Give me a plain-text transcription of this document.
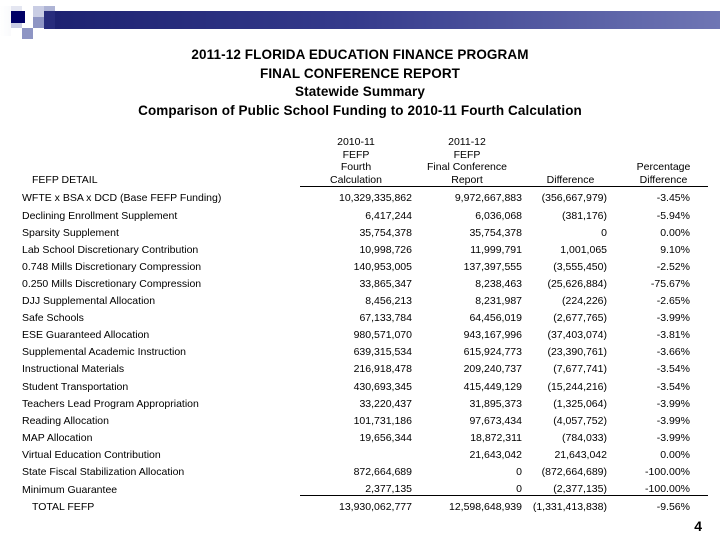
2011-12 FLORIDA EDUCATION FINANCE PROGRAM
FINAL CONFERENCE REPORT
Statewide Summary
Comparison of Public School Funding to 2010-11 Fourth Calculation
	2010-11	2011-12		
	FEFP	FEFP		
	Fourth	Final Conference		Percentage
FEFP DETAIL	Calculation	Report	Difference	Difference
WFTE x BSA x DCD (Base FEFP Funding)	10,329,335,862	9,972,667,883	(356,667,979)	-3.45%
Declining Enrollment Supplement	6,417,244	6,036,068	(381,176)	-5.94%
Sparsity Supplement	35,754,378	35,754,378	0	0.00%
Lab School Discretionary Contribution	10,998,726	11,999,791	1,001,065	9.10%
0.748 Mills Discretionary Compression	140,953,005	137,397,555	(3,555,450)	-2.52%
0.250 Mills Discretionary Compression	33,865,347	8,238,463	(25,626,884)	-75.67%
DJJ Supplemental Allocation	8,456,213	8,231,987	(224,226)	-2.65%
Safe Schools	67,133,784	64,456,019	(2,677,765)	-3.99%
ESE Guaranteed Allocation	980,571,070	943,167,996	(37,403,074)	-3.81%
Supplemental Academic Instruction	639,315,534	615,924,773	(23,390,761)	-3.66%
Instructional Materials	216,918,478	209,240,737	(7,677,741)	-3.54%
Student Transportation	430,693,345	415,449,129	(15,244,216)	-3.54%
Teachers Lead Program Appropriation	33,220,437	31,895,373	(1,325,064)	-3.99%
Reading Allocation	101,731,186	97,673,434	(4,057,752)	-3.99%
MAP Allocation	19,656,344	18,872,311	(784,033)	-3.99%
Virtual Education Contribution		21,643,042	21,643,042	0.00%
State Fiscal Stabilization Allocation	872,664,689	0	(872,664,689)	-100.00%
Minimum Guarantee	2,377,135	0	(2,377,135)	-100.00%
TOTAL FEFP	13,930,062,777	12,598,648,939	(1,331,413,838)	-9.56%
4
